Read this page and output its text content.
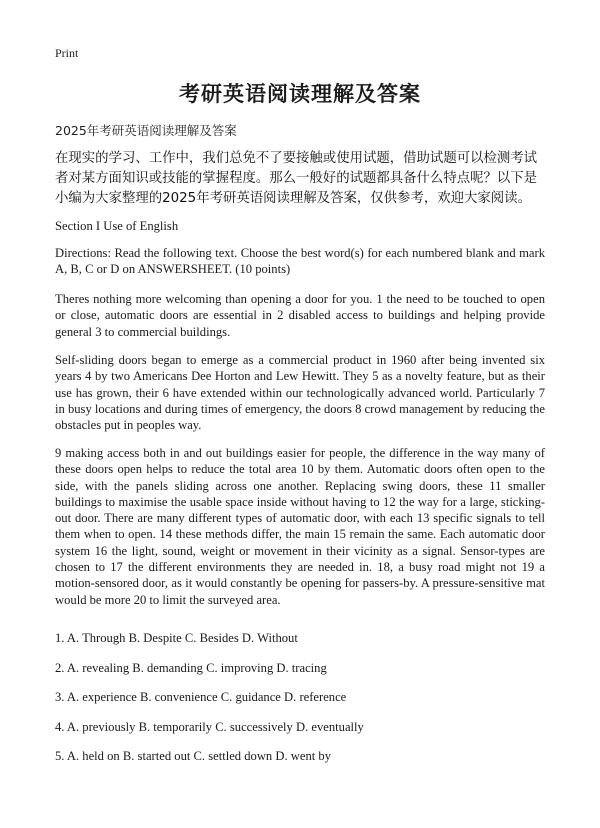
Print
考研英语阅读理解及答案
2025年考研英语阅读理解及答案

在现实的学习、工作中，我们总免不了要接触或使用试题，借助试题可以检测考试者对某方面知识或技能的掌握程度。那么一般好的试题都具备什么特点呢？以下是小编为大家整理的2025年考研英语阅读理解及答案，仅供参考，欢迎大家阅读。

Section I Use of English

Directions: Read the following text. Choose the best word(s) for each numbered blank and mark A, B, C or D on ANSWERSHEET. (10 points)

Theres nothing more welcoming than opening a door for you. 1 the need to be touched to open or close, automatic doors are essential in 2 disabled access to buildings and helping provide general 3 to commercial buildings.

Self-sliding doors began to emerge as a commercial product in 1960 after being invented six years 4 by two Americans Dee Horton and Lew Hewitt. They 5 as a novelty feature, but as their use has grown, their 6 have extended within our technologically advanced world. Particularly 7 in busy locations and during times of emergency, the doors 8 crowd management by reducing the obstacles put in peoples way.

9 making access both in and out buildings easier for people, the difference in the way many of these doors open helps to reduce the total area 10 by them. Automatic doors often open to the side, with the panels sliding across one another. Replacing swing doors, these 11 smaller buildings to maximise the usable space inside without having to 12 the way for a large, sticking-out door. There are many different types of automatic door, with each 13 specific signals to tell them when to open. 14 these methods differ, the main 15 remain the same. Each automatic door system 16 the light, sound, weight or movement in their vicinity as a signal. Sensor-types are chosen to 17 the different environments they are needed in. 18, a busy road might not 19 a motion-sensored door, as it would constantly be opening for passers-by. A pressure-sensitive mat would be more 20 to limit the surveyed area.

1. A. Through B. Despite C. Besides D. Without
2. A. revealing B. demanding C. improving D. tracing
3. A. experience B. convenience C. guidance D. reference
4. A. previously B. temporarily C. successively D. eventually
5. A. held on B. started out C. settled down D. went by
